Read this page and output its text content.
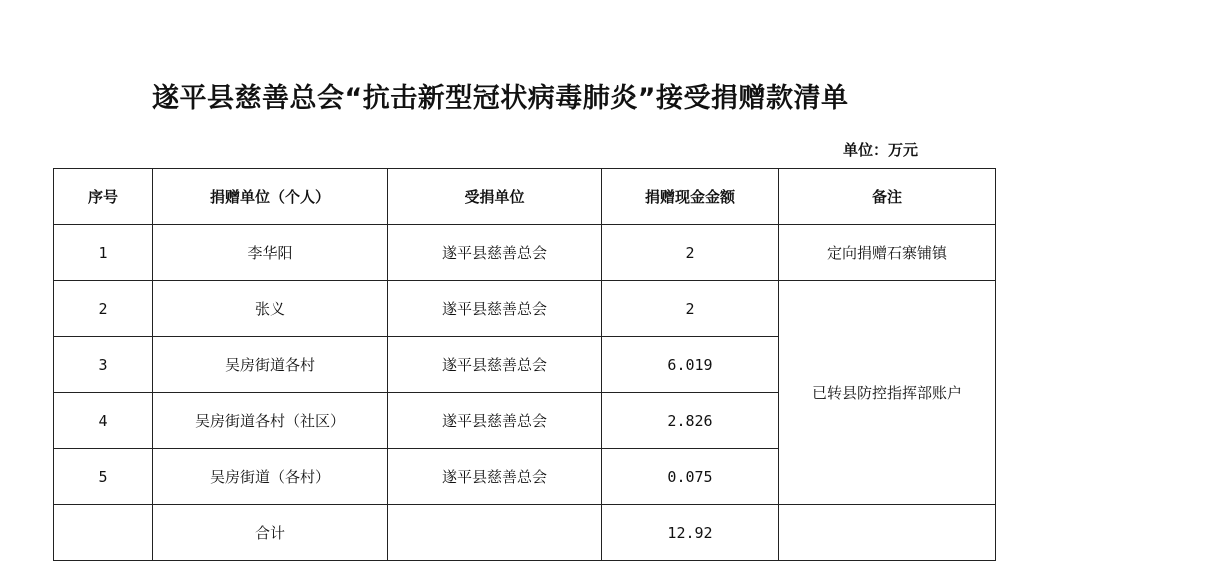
遂平县慈善总会“抗击新型冠状病毒肺炎”接受捐赠款清单
单位：万元
序号	捐赠单位（个人）	受捐单位	捐赠现金金额	备注
1	李华阳	遂平县慈善总会	2	定向捐赠石寨铺镇
2	张义	遂平县慈善总会	2	已转县防控指挥部账户
3	吴房街道各村	遂平县慈善总会	6.019	
4	吴房街道各村（社区）	遂平县慈善总会	2.826	
5	吴房街道（各村）	遂平县慈善总会	0.075	
	合计		12.92	
